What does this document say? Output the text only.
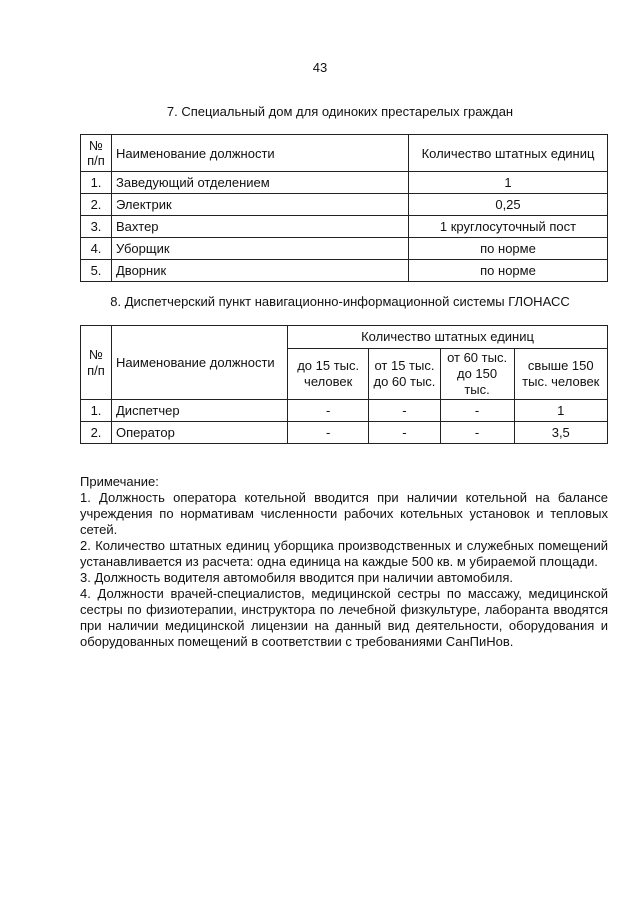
43
7. Специальный дом для одиноких престарелых граждан
№ п/п	Наименование должности	Количество штатных единиц
1.	Заведующий отделением	1
2.	Электрик	0,25
3.	Вахтер	1 круглосуточный пост
4.	Уборщик	по норме
5.	Дворник	по норме
8. Диспетчерский пункт навигационно-информационной системы ГЛОНАСС
№ п/п	Наименование должности	Количество штатных единиц			
		до 15 тыс. человек	от 15 тыс. до 60 тыс.	от 60 тыс. до 150 тыс.	свыше 150 тыс. человек
1.	Диспетчер	-	-	-	1
2.	Оператор	-	-	-	3,5

Примечание:

1. Должность оператора котельной вводится при наличии котельной на балансе учреждения по нормативам численности рабочих котельных установок и тепловых сетей.

2. Количество штатных единиц уборщика производственных и служебных помещений устанавливается из расчета: одна единица на каждые 500 кв. м убираемой площади.

3. Должность водителя автомобиля вводится при наличии автомобиля.

4. Должности врачей-специалистов, медицинской сестры по массажу, медицинской сестры по физиотерапии, инструктора по лечебной физкультуре, лаборанта вводятся при наличии медицинской лицензии на данный вид деятельности, оборудования и оборудованных помещений в соответствии с требованиями СанПиНов.
